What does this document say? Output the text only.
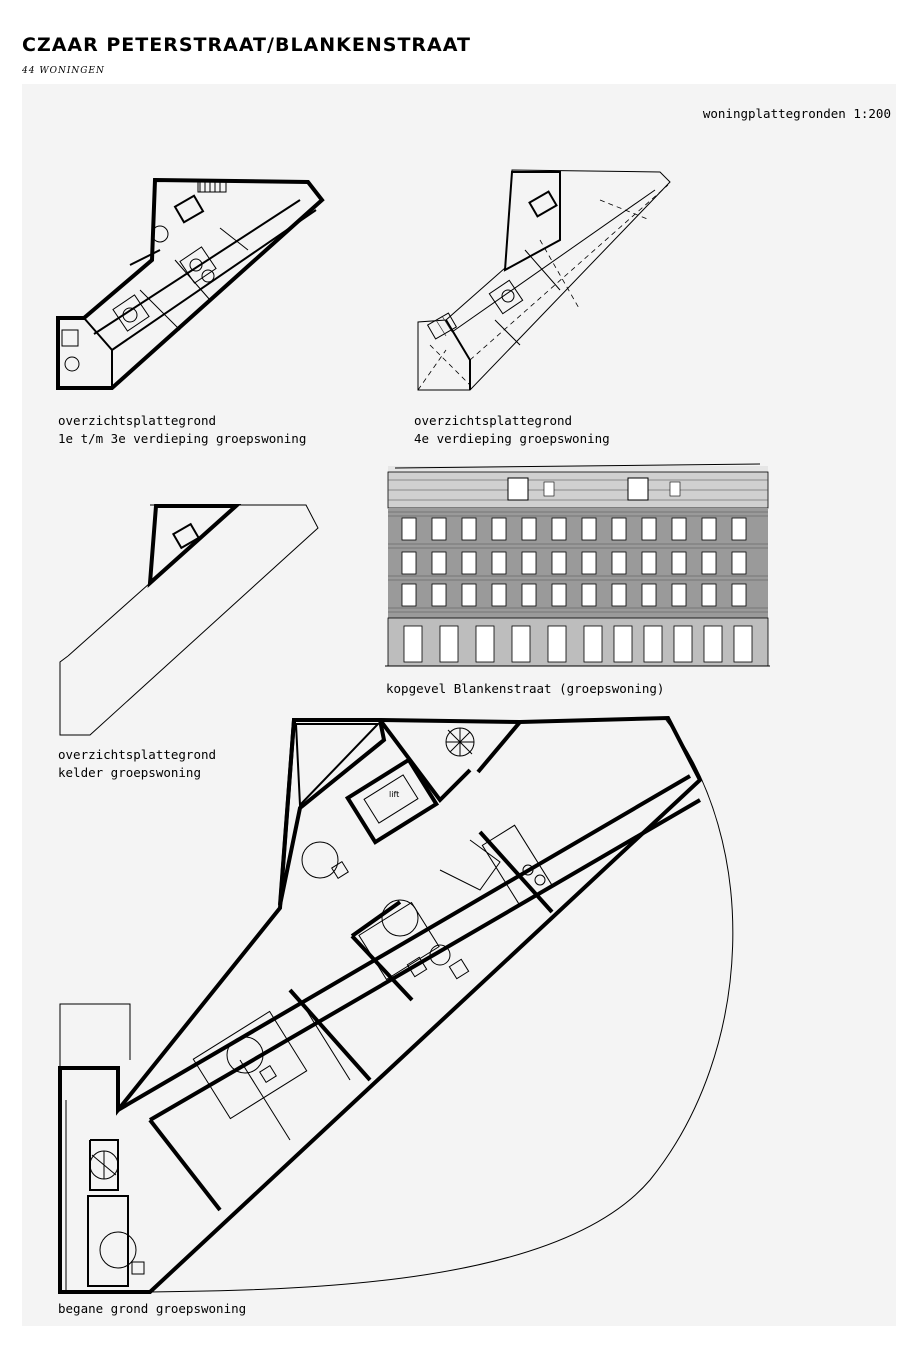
CZAAR PETERSTRAAT/BLANKENSTRAAT
44 WONINGEN
woningplattegronden 1:200
overzichtsplattegrond
1e t/m 3e verdieping groepswoning
overzichtsplattegrond
4e verdieping groepswoning
overzichtsplattegrond
kelder groepswoning
kopgevel Blankenstraat (groepswoning)
lift
begane grond groepswoning
